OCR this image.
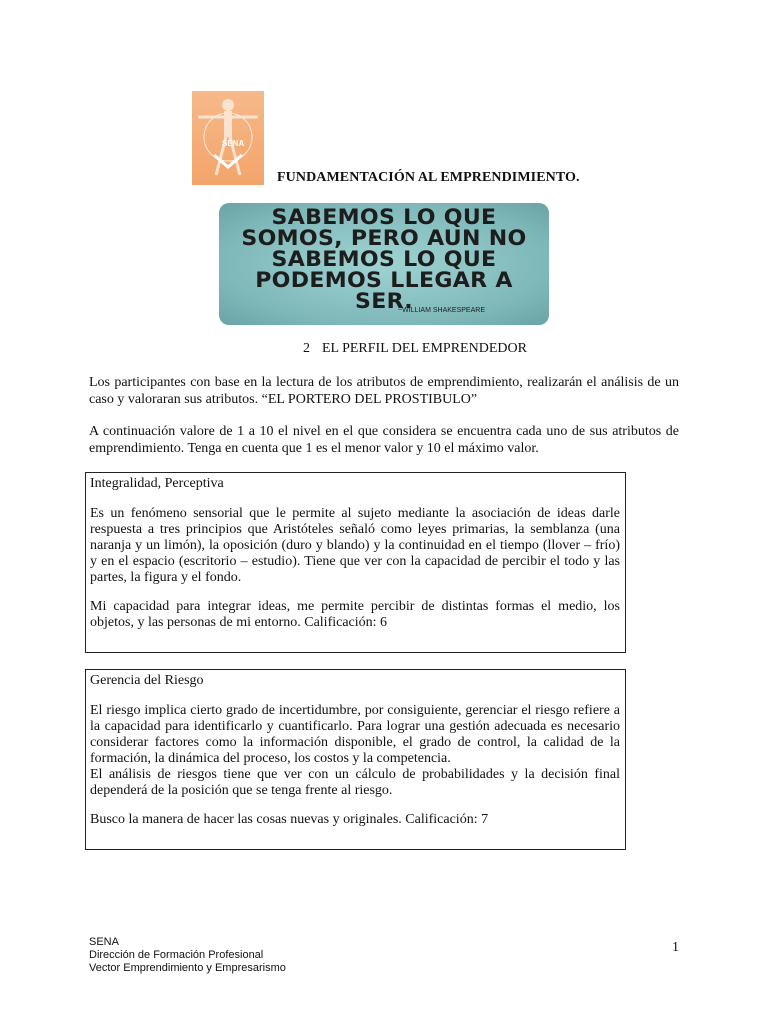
SENA
FUNDAMENTACIÓN AL EMPRENDIMIENTO.
SABEMOS LO QUE
SOMOS, PERO AUN NO
SABEMOS LO QUE
PODEMOS LLEGAR A
SER.
~WILLIAM SHAKESPEARE
2 EL PERFIL DEL EMPRENDEDOR
Los participantes con base en la lectura de los atributos de emprendimiento, realizarán el análisis de un caso y valoraran sus atributos. “EL PORTERO DEL PROSTIBULO”
A continuación valore de 1 a 10 el nivel en el que considera se encuentra cada uno de sus atributos de emprendimiento. Tenga en cuenta que 1 es el menor valor y 10 el máximo valor.

Integralidad, Perceptiva

Es un fenómeno sensorial que le permite al sujeto mediante la asociación de ideas darle respuesta a tres principios que Aristóteles señaló como leyes primarias, la semblanza (una naranja y un limón), la oposición (duro y blando) y la continuidad en el tiempo (llover – frío) y en el espacio (escritorio – estudio). Tiene que ver con la capacidad de percibir el todo y las partes, la figura y el fondo.

Mi capacidad para integrar ideas, me permite percibir de distintas formas el medio, los objetos, y las personas de mi entorno. Calificación: 6

Gerencia del Riesgo

El riesgo implica cierto grado de incertidumbre, por consiguiente, gerenciar el riesgo refiere a la capacidad para identificarlo y cuantificarlo. Para lograr una gestión adecuada es necesario considerar factores como la información disponible, el grado de control, la calidad de la formación, la dinámica del proceso, los costos y la competencia.

El análisis de riesgos tiene que ver con un cálculo de probabilidades y la decisión final dependerá de la posición que se tenga frente al riesgo.

Busco la manera de hacer las cosas nuevas y originales. Calificación: 7

SENA
Dirección de Formación Profesional
Vector Emprendimiento y Empresarismo
1
